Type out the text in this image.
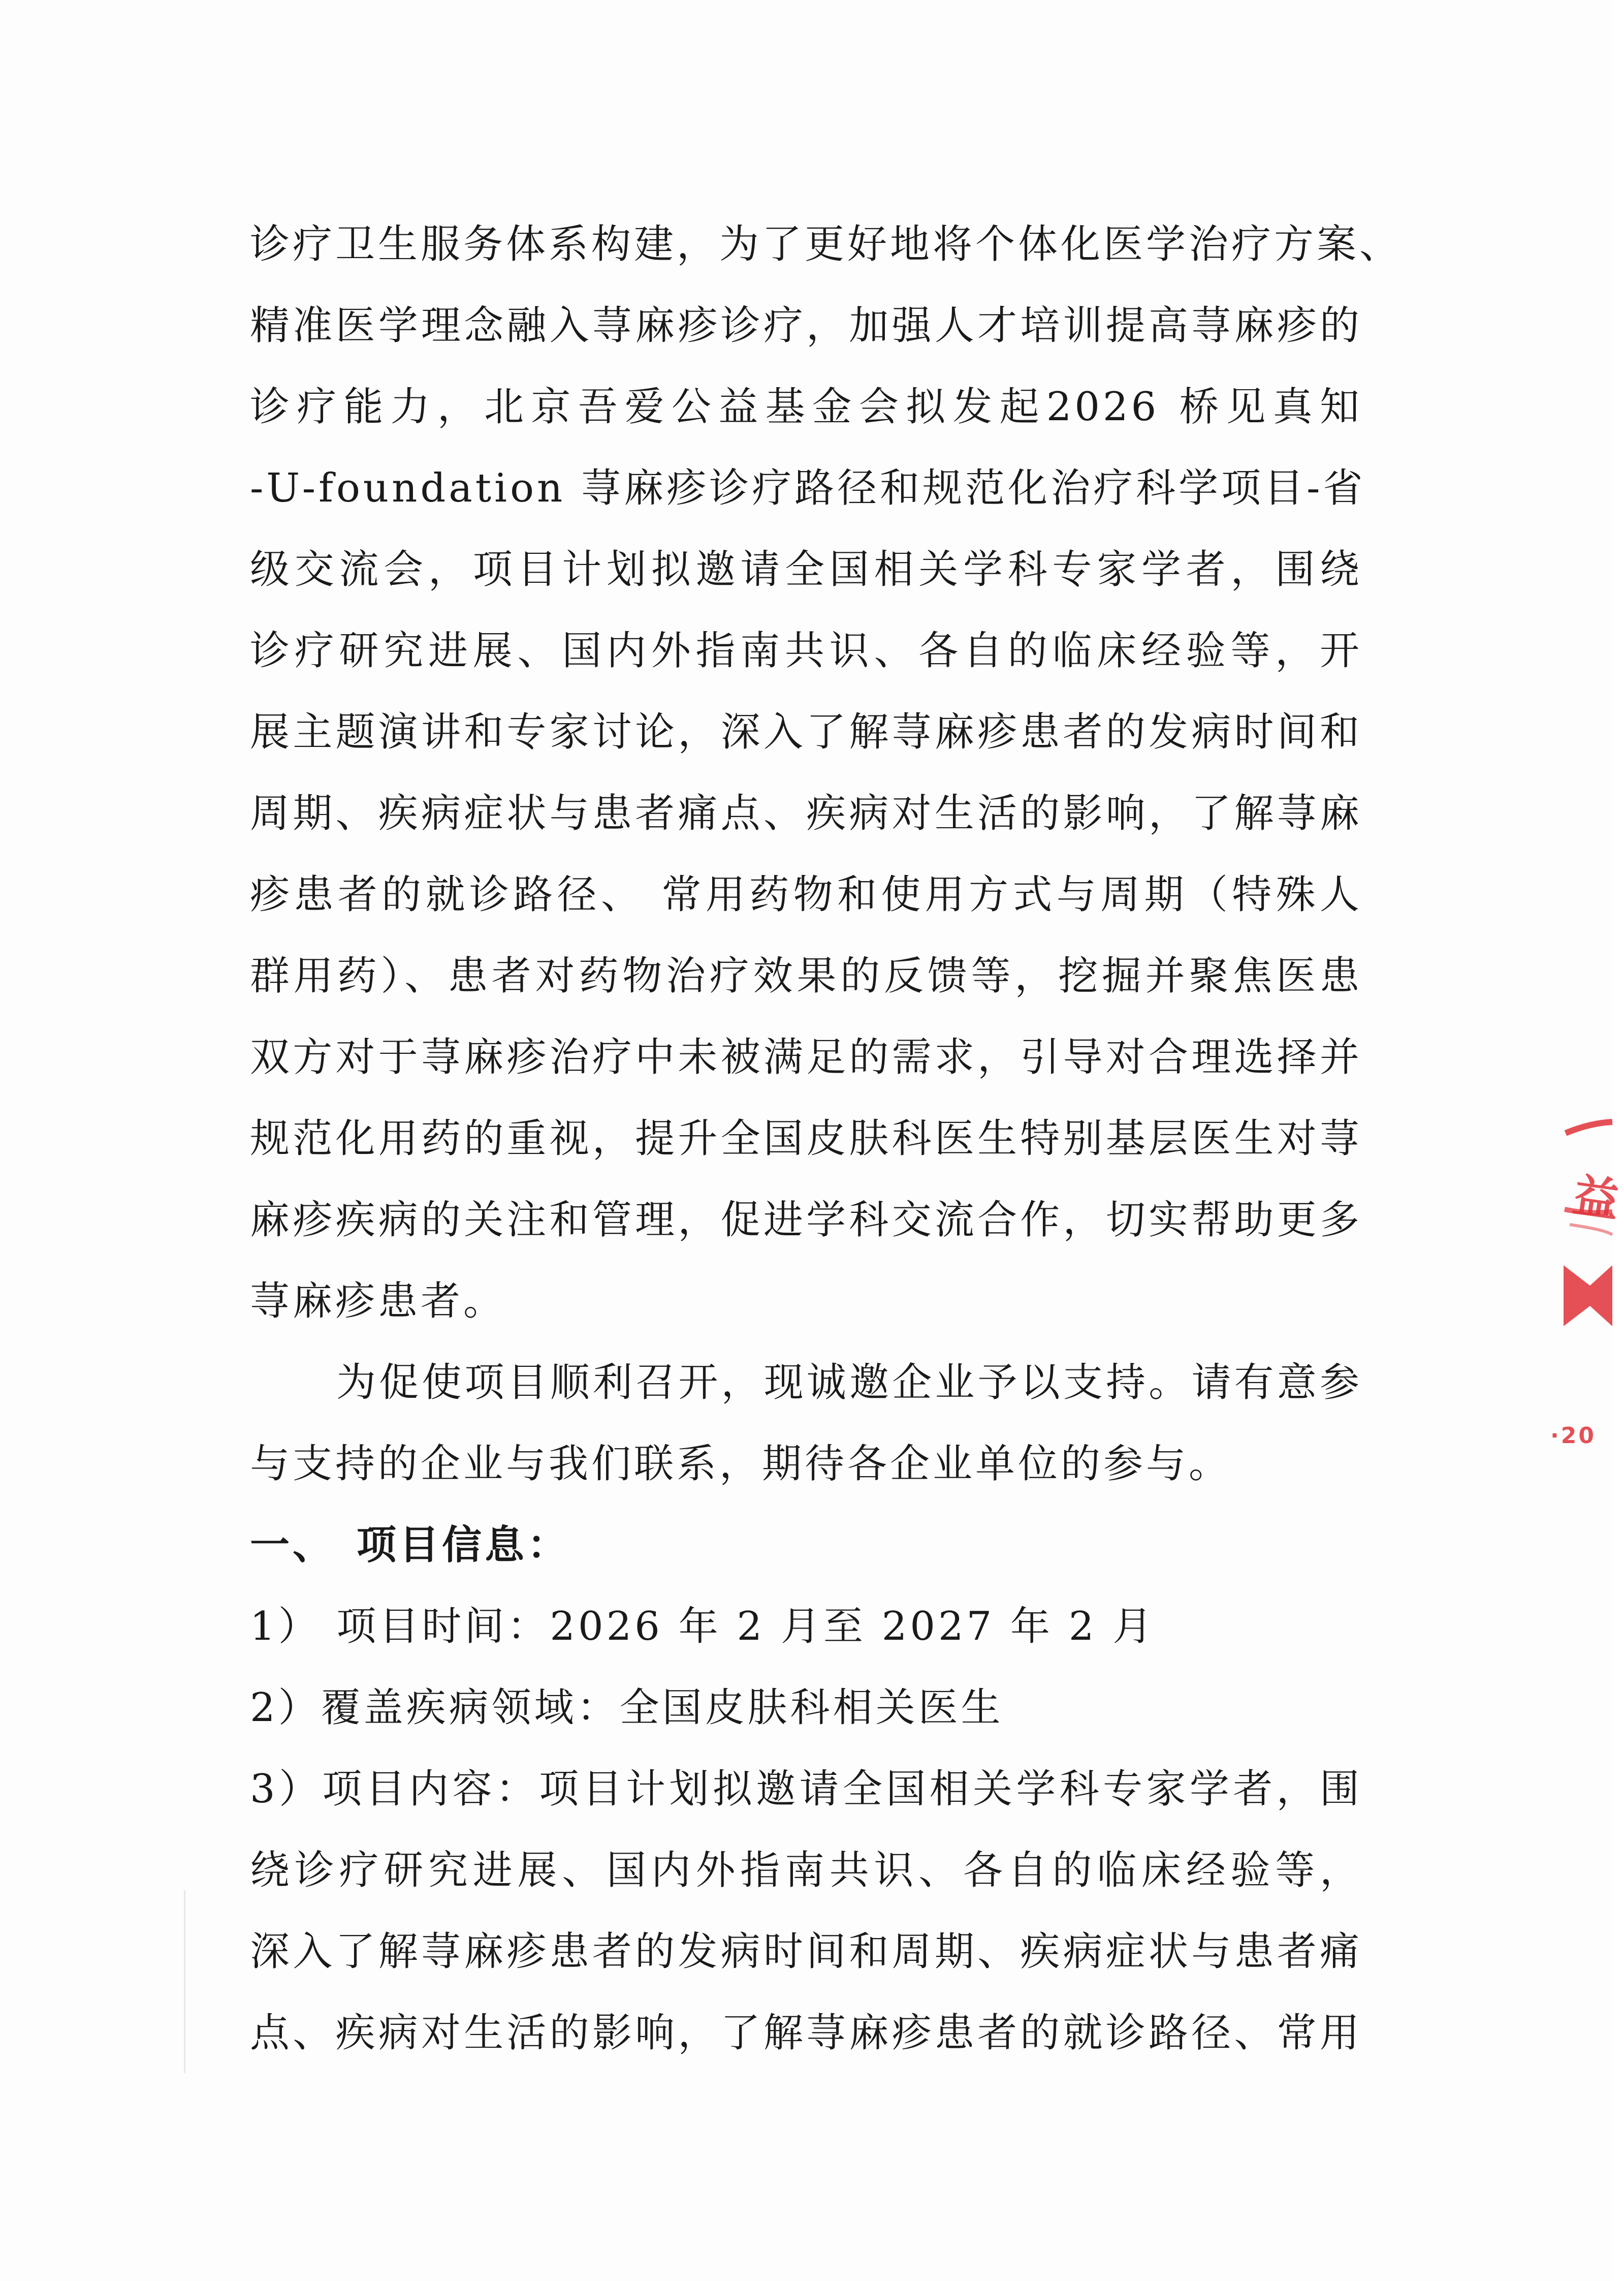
诊疗卫生服务体系构建，为了更好地将个体化医学治疗方案、
精准医学理念融入荨麻疹诊疗，加强人才培训提高荨麻疹的
诊疗能力，北京吾爱公益基金会拟发起2026 桥见真知
-U-foundation 荨麻疹诊疗路径和规范化治疗科学项目-省
级交流会，项目计划拟邀请全国相关学科专家学者，围绕
诊疗研究进展、国内外指南共识、各自的临床经验等，开
展主题演讲和专家讨论，深入了解荨麻疹患者的发病时间和
周期、疾病症状与患者痛点、疾病对生活的影响，了解荨麻
疹患者的就诊路径、 常用药物和使用方式与周期（特殊人
群用药）、患者对药物治疗效果的反馈等，挖掘并聚焦医患
双方对于荨麻疹治疗中未被满足的需求，引导对合理选择并
规范化用药的重视，提升全国皮肤科医生特别基层医生对荨
麻疹疾病的关注和管理，促进学科交流合作，切实帮助更多
荨麻疹患者。
为促使项目顺利召开，现诚邀企业予以支持。请有意参
与支持的企业与我们联系，期待各企业单位的参与。
一、 项目信息：
1） 项目时间：2026 年 2 月至 2027 年 2 月
2）覆盖疾病领域：全国皮肤科相关医生
3）项目内容：项目计划拟邀请全国相关学科专家学者，围
绕诊疗研究进展、国内外指南共识、各自的临床经验等，
深入了解荨麻疹患者的发病时间和周期、疾病症状与患者痛
点、疾病对生活的影响，了解荨麻疹患者的就诊路径、常用
益
·20
